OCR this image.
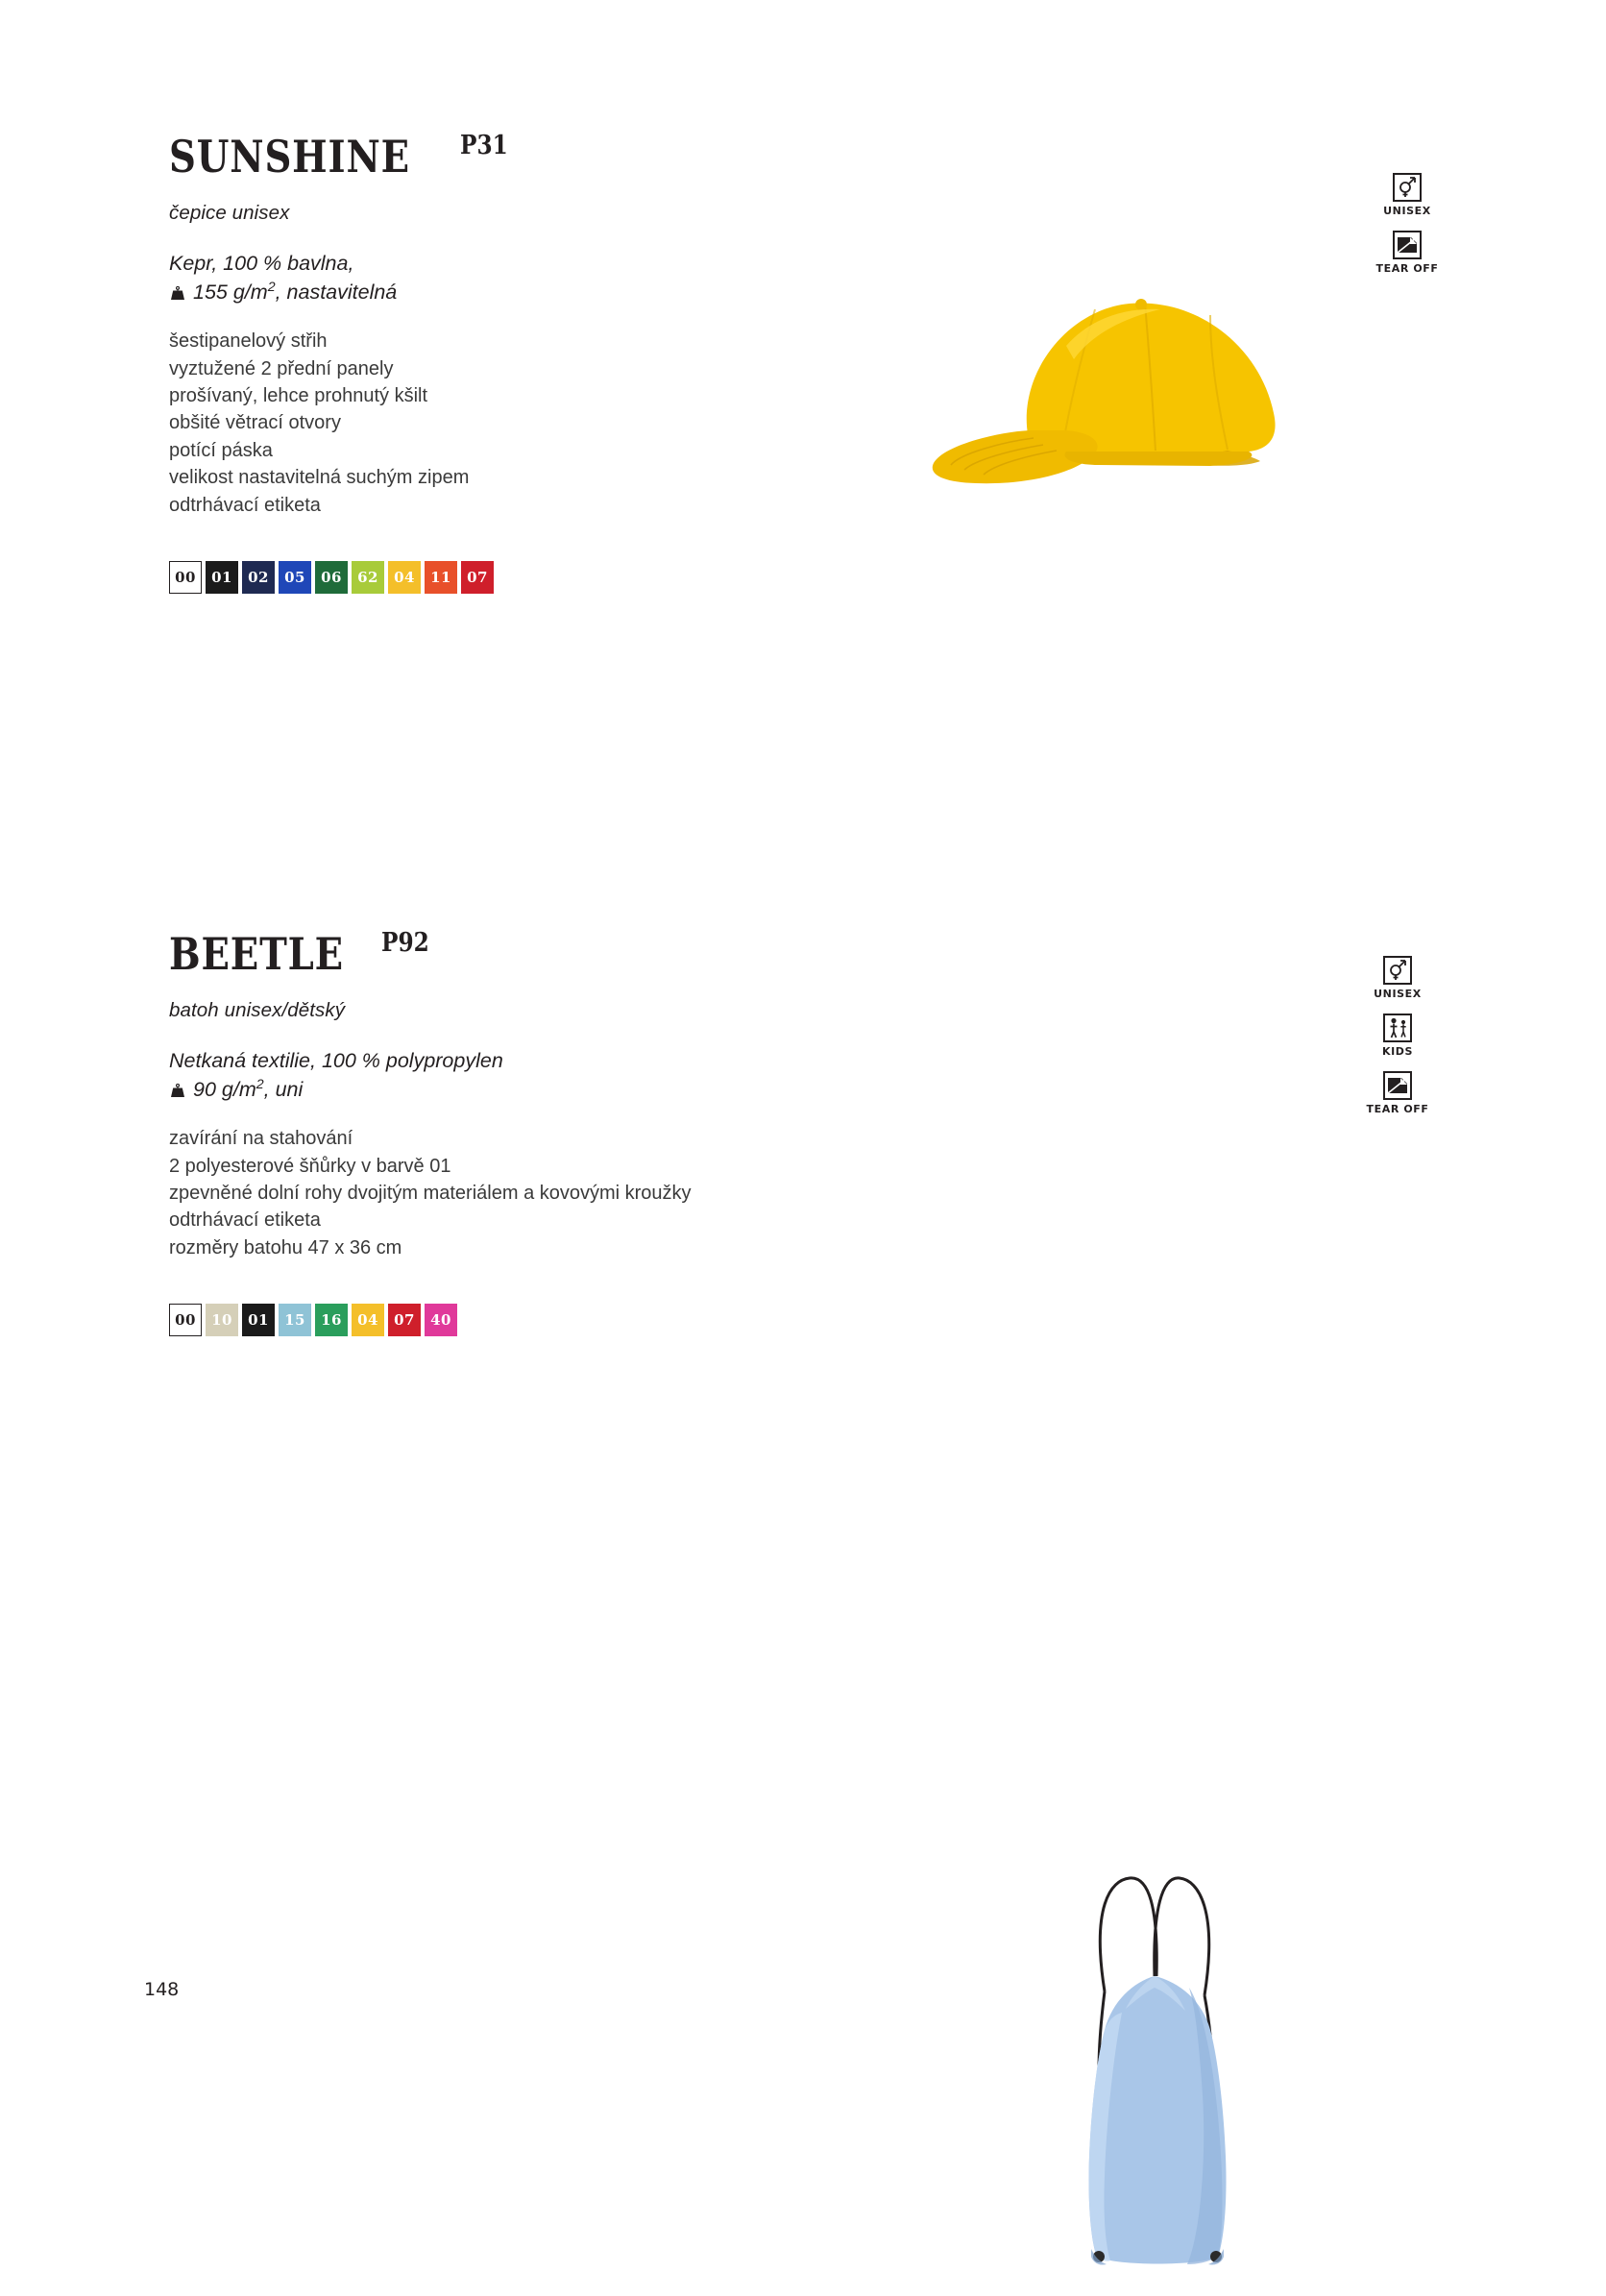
SUNSHINE P31
čepice unisex
Kepr, 100 % bavlna,
155 $g/m^2$, nastavitelná
šestipanelový střih
vyztužené 2 přední panely
prošívaný, lehce prohnutý kšilt
obšité větrací otvory
potící páska
velikost nastavitelná suchým zipem
odtrhávací etiketa
00	01	02	05	06	62	04	11	07
UNISEX
TEAR OFF
BEETLE P92
batoh unisex/dětský
Netkaná textilie, 100 % polypropylen
90 $g/m^2$, uni
zavírání na stahování
2 polyesterové šňůrky v barvě 01
zpevněné dolní rohy dvojitým materiálem a kovovými kroužky
odtrhávací etiketa
rozměry batohu 47 x 36 cm
00	10	01	15	16	04	07	40
UNISEX
KIDS
TEAR OFF
148
